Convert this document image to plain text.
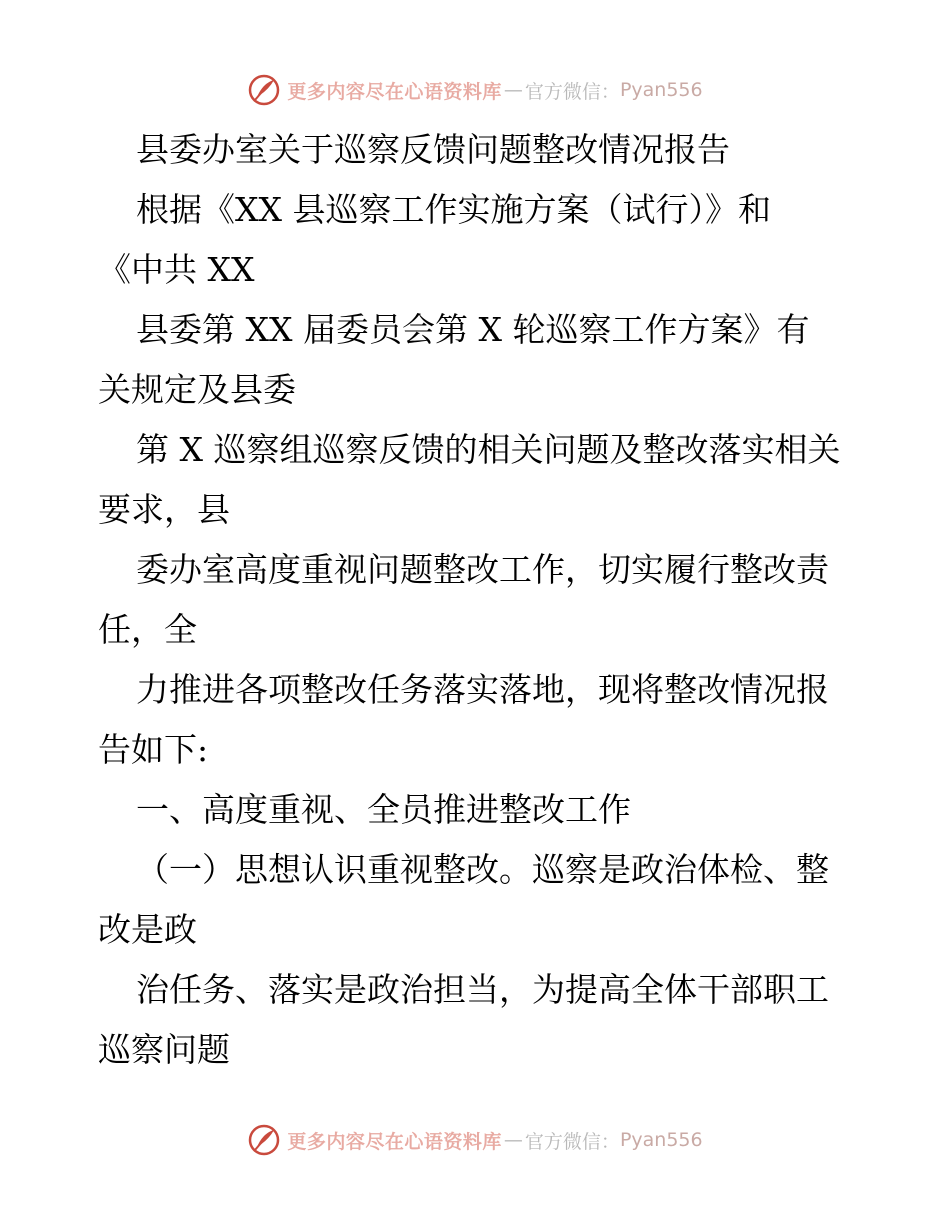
更多内容尽在心语资料库 — 官方微信： Pyan556
县委办室关于巡察反馈问题整改情况报告
根据《XX 县巡察工作实施方案（试行）》和
《中共 XX
县委第 XX 届委员会第 X 轮巡察工作方案》有
关规定及县委
第 X 巡察组巡察反馈的相关问题及整改落实相关
要求，县
委办室高度重视问题整改工作，切实履行整改责
任，全
力推进各项整改任务落实落地，现将整改情况报
告如下:
一、高度重视、全员推进整改工作
（一）思想认识重视整改。巡察是政治体检、整
改是政
治任务、落实是政治担当，为提高全体干部职工
巡察问题
更多内容尽在心语资料库 — 官方微信： Pyan556
